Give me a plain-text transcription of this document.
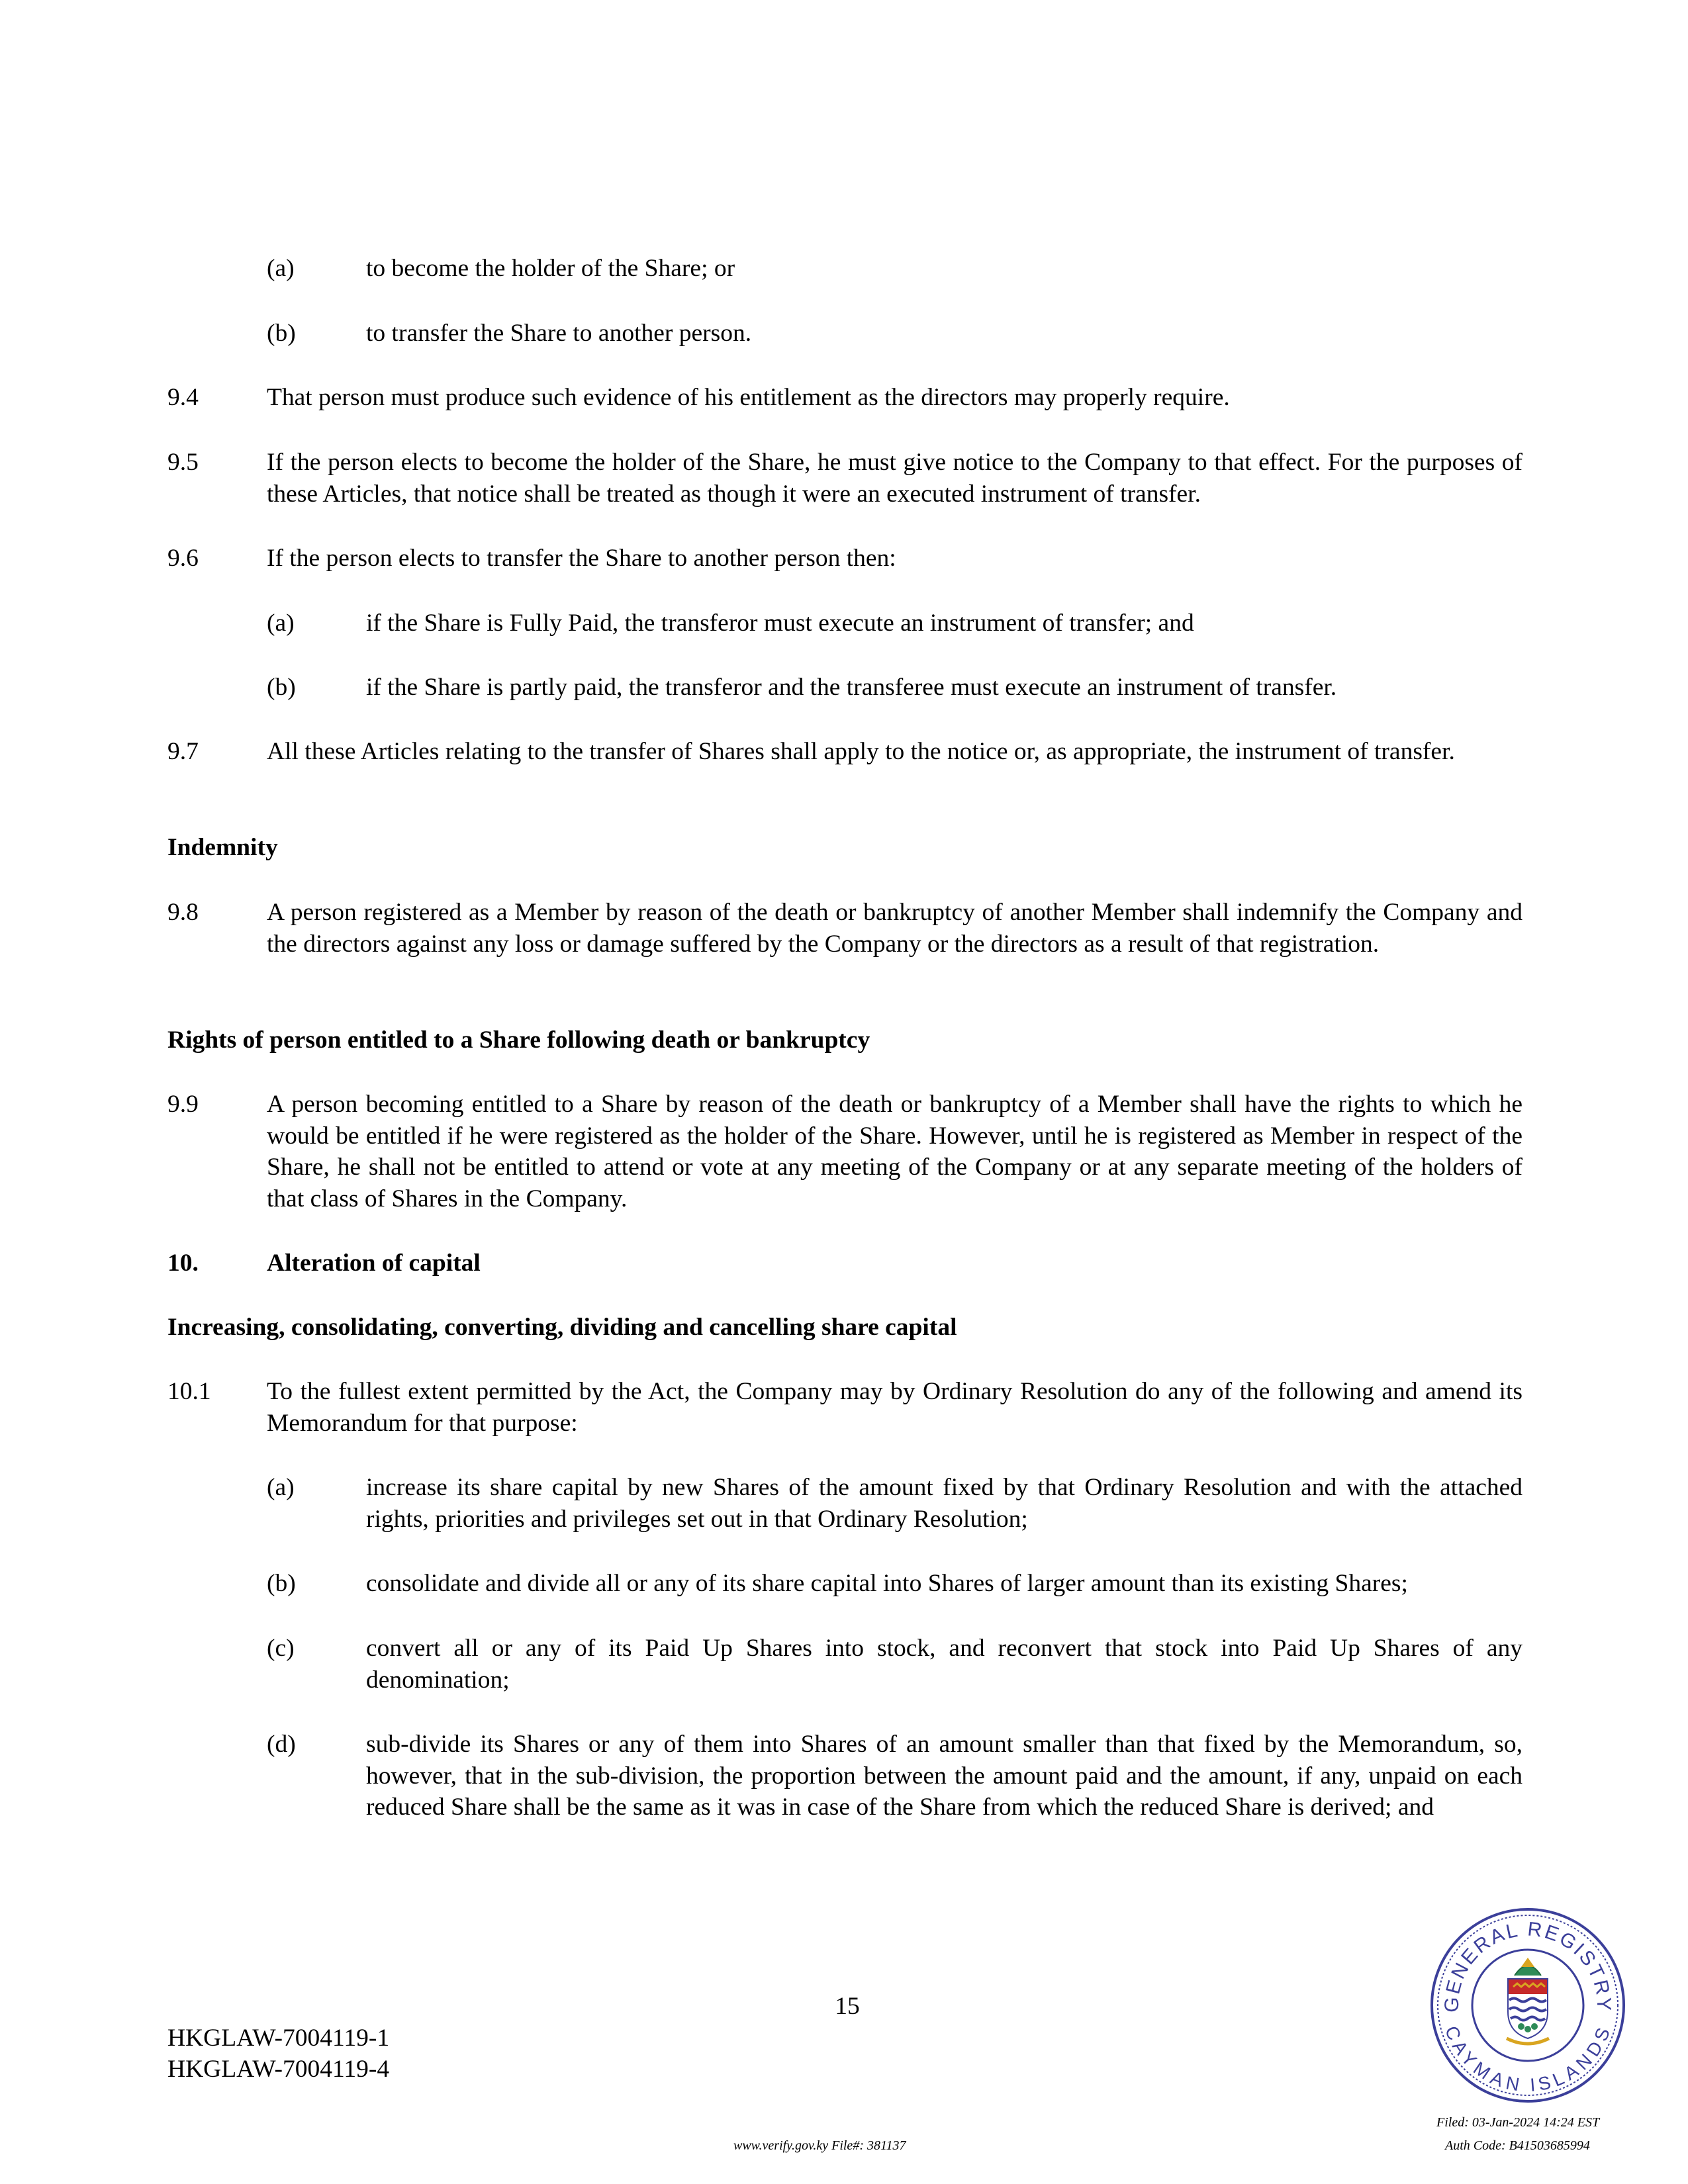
(a)	to become the holder of the Share; or
(b)	to transfer the Share to another person.
9.4	That person must produce such evidence of his entitlement as the directors may properly require.
9.5	If the person elects to become the holder of the Share, he must give notice to the Company to that effect. For the purposes of these Articles, that notice shall be treated as though it were an executed instrument of transfer.
9.6	If the person elects to transfer the Share to another person then:
(a)	if the Share is Fully Paid, the transferor must execute an instrument of transfer; and
(b)	if the Share is partly paid, the transferor and the transferee must execute an instrument of transfer.
9.7	All these Articles relating to the transfer of Shares shall apply to the notice or, as appropriate, the instrument of transfer.
Indemnity
9.8	A person registered as a Member by reason of the death or bankruptcy of another Member shall indemnify the Company and the directors against any loss or damage suffered by the Company or the directors as a result of that registration.
Rights of person entitled to a Share following death or bankruptcy
9.9	A person becoming entitled to a Share by reason of the death or bankruptcy of a Member shall have the rights to which he would be entitled if he were registered as the holder of the Share. However, until he is registered as Member in respect of the Share, he shall not be entitled to attend or vote at any meeting of the Company or at any separate meeting of the holders of that class of Shares in the Company.
10.	Alteration of capital
Increasing, consolidating, converting, dividing and cancelling share capital
10.1 To the fullest extent permitted by the Act, the Company may by Ordinary Resolution do any of the following and amend its Memorandum for that purpose:
(a)	increase its share capital by new Shares of the amount fixed by that Ordinary Resolution and with the attached rights, priorities and privileges set out in that Ordinary Resolution;
(b)	consolidate and divide all or any of its share capital into Shares of larger amount than its existing Shares;
(c)	convert all or any of its Paid Up Shares into stock, and reconvert that stock into Paid Up Shares of any denomination;
(d)	sub-divide its Shares or any of them into Shares of an amount smaller than that fixed by the Memorandum, so, however, that in the sub-division, the proportion between the amount paid and the amount, if any, unpaid on each reduced Share shall be the same as it was in case of the Share from which the reduced Share is derived; and
15
HKGLAW-7004119-1
HKGLAW-7004119-4
GENERAL REGISTRY
CAYMAN ISLANDS
Filed: 03-Jan-2024 14:24 EST
Auth Code: B41503685994
www.verify.gov.ky File#: 381137
